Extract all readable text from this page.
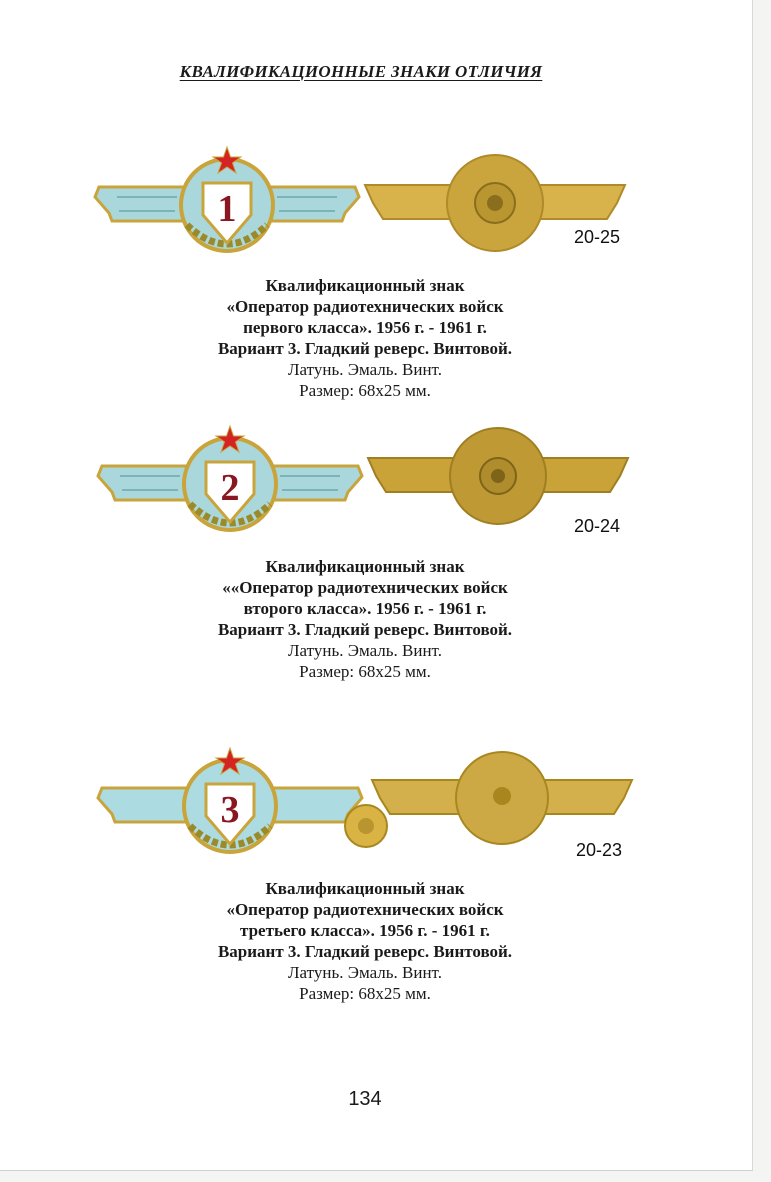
КВАЛИФИКАЦИОННЫЕ ЗНАКИ ОТЛИЧИЯ
1
20-25
Квалификационный знак
«Оператор радиотехнических войск
первого класса». 1956 г. - 1961 г.
Вариант 3. Гладкий реверс. Винтовой.
Латунь. Эмаль. Винт.
Размер: 68x25 мм.
2
20-24
Квалификационный знак
««Оператор радиотехнических войск
второго класса». 1956 г. - 1961 г.
Вариант 3. Гладкий реверс. Винтовой.
Латунь. Эмаль. Винт.
Размер: 68x25 мм.
3
20-23
Квалификационный знак
«Оператор радиотехнических войск
третьего класса». 1956 г. - 1961 г.
Вариант 3. Гладкий реверс. Винтовой.
Латунь. Эмаль. Винт.
Размер: 68x25 мм.
134
